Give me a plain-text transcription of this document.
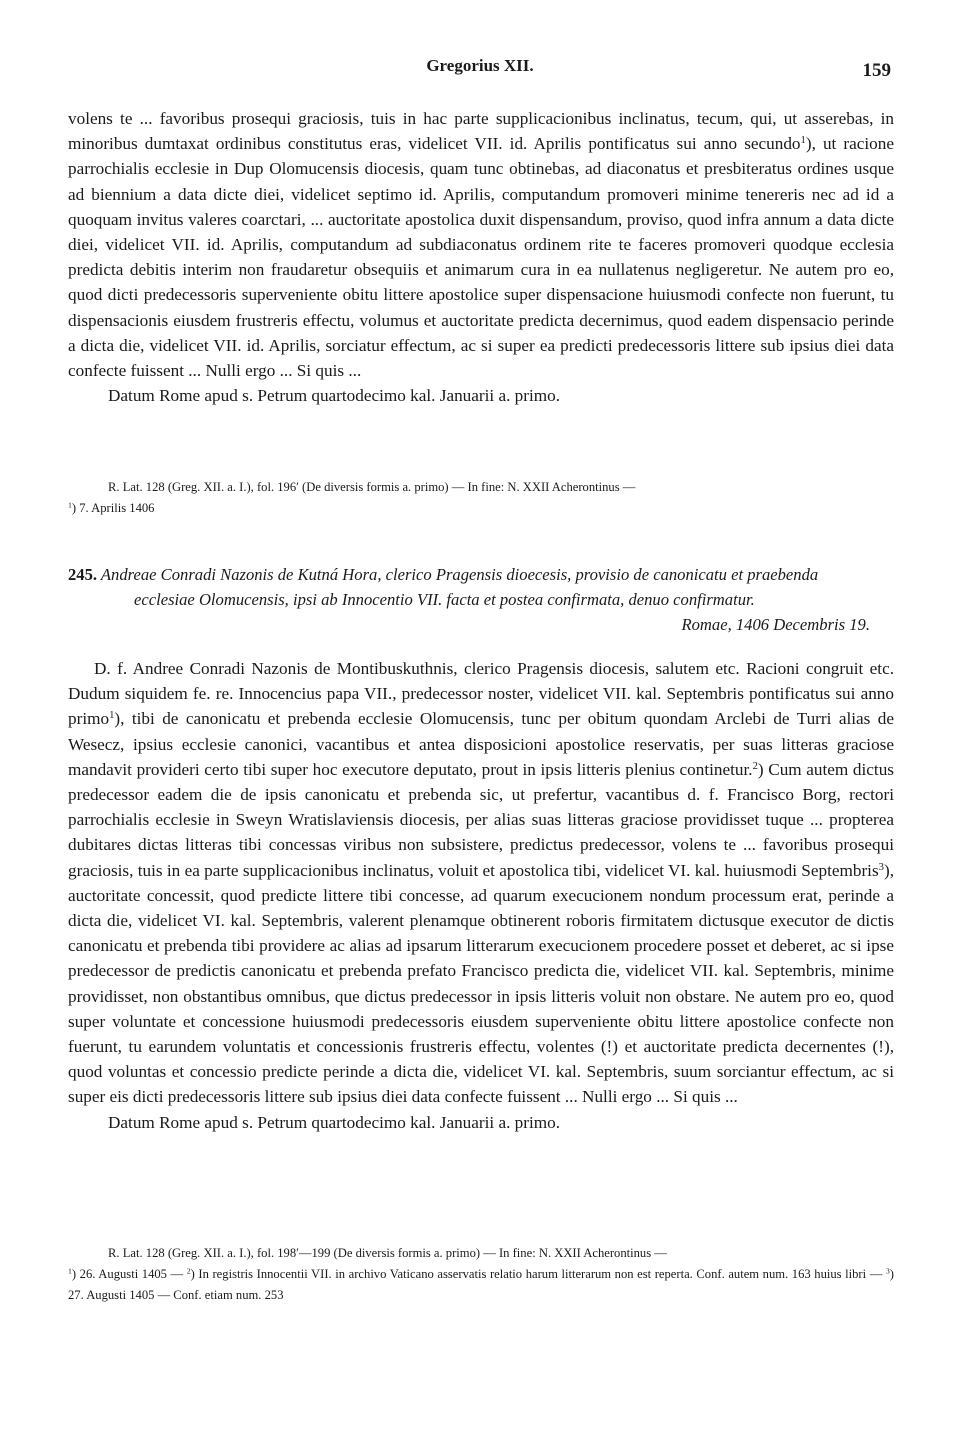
Gregorius XII.	159

volens te ... favoribus prosequi graciosis, tuis in hac parte supplicacionibus inclinatus, tecum, qui, ut asserebas, in minoribus dumtaxat ordinibus constitutus eras, videlicet VII. id. Aprilis pontificatus sui anno secundo$^1$), ut racione parrochialis ecclesie in Dup Olomucensis diocesis, quam tunc obtinebas, ad diaconatus et presbiteratus ordines usque ad biennium a data dicte diei, videlicet septimo id. Aprilis, computandum promoveri minime tenereris nec ad id a quoquam invitus valeres coarctari, ... auctoritate apostolica duxit dispensandum, proviso, quod infra annum a data dicte diei, videlicet VII. id. Aprilis, computandum ad subdiaconatus ordinem rite te faceres promoveri quodque ecclesia predicta debitis interim non fraudaretur obsequiis et animarum cura in ea nullatenus negligeretur. Ne autem pro eo, quod dicti predecessoris superveniente obitu littere apostolice super dispensacione huiusmodi confecte non fuerunt, tu dispensacionis eiusdem frustreris effectu, volumus et auctoritate predicta decernimus, quod eadem dispensacio perinde a dicta die, videlicet VII. id. Aprilis, sorciatur effectum, ac si super ea predicti predecessoris littere sub ipsius diei data confecte fuissent ... Nulli ergo ... Si quis ...

Datum Rome apud s. Petrum quartodecimo kal. Januarii a. primo.

R. Lat. 128 (Greg. XII. a. I.), fol. 196′ (De diversis formis a. primo) — In fine: N. XXII Acherontinus —

$^1$) 7. Aprilis 1406

245. Andreae Conradi Nazonis de Kutná Hora, clerico Pragensis dioecesis, provisio de canonicatu et praebenda

ecclesiae Olomucensis, ipsi ab Innocentio VII. facta et postea confirmata, denuo confirmatur.

Romae, 1406 Decembris 19.

D. f. Andree Conradi Nazonis de Montibuskuthnis, clerico Pragensis diocesis, salutem etc. Racioni congruit etc. Dudum siquidem fe. re. Innocencius papa VII., predecessor noster, videlicet VII. kal. Septembris pontificatus sui anno primo$^1$), tibi de canonicatu et prebenda ecclesie Olomucensis, tunc per obitum quondam Arclebi de Turri alias de Wesecz, ipsius ecclesie canonici, vacantibus et antea disposicioni apostolice reservatis, per suas litteras graciose mandavit provideri certo tibi super hoc executore deputato, prout in ipsis litteris plenius continetur.$^2$) Cum autem dictus predecessor eadem die de ipsis canonicatu et prebenda sic, ut prefertur, vacantibus d. f. Francisco Borg, rectori parrochialis ecclesie in Sweyn Wratislaviensis diocesis, per alias suas litteras graciose providisset tuque ... propterea dubitares dictas litteras tibi concessas viribus non subsistere, predictus predecessor, volens te ... favoribus prosequi graciosis, tuis in ea parte supplicacionibus inclinatus, voluit et apostolica tibi, videlicet VI. kal. huiusmodi Septembris$^3$), auctoritate concessit, quod predicte littere tibi concesse, ad quarum execucionem nondum processum erat, perinde a dicta die, videlicet VI. kal. Septembris, valerent plenamque obtinerent roboris firmitatem dictusque executor de dictis canonicatu et prebenda tibi providere ac alias ad ipsarum litterarum execucionem procedere posset et deberet, ac si ipse predecessor de predictis canonicatu et prebenda prefato Francisco predicta die, videlicet VII. kal. Septembris, minime providisset, non obstantibus omnibus, que dictus predecessor in ipsis litteris voluit non obstare. Ne autem pro eo, quod super voluntate et concessione huiusmodi predecessoris eiusdem superveniente obitu littere apostolice confecte non fuerunt, tu earundem voluntatis et concessionis frustreris effectu, volentes (!) et auctoritate predicta decernentes (!), quod voluntas et concessio predicte perinde a dicta die, videlicet VI. kal. Septembris, suum sorciantur effectum, ac si super eis dicti predecessoris littere sub ipsius diei data confecte fuissent ... Nulli ergo ... Si quis ...

Datum Rome apud s. Petrum quartodecimo kal. Januarii a. primo.

R. Lat. 128 (Greg. XII. a. I.), fol. 198′—199 (De diversis formis a. primo) — In fine: N. XXII Acherontinus —

$^1$) 26. Augusti 1405 — $^2$) In registris Innocentii VII. in archivo Vaticano asservatis relatio harum litterarum non est reperta. Conf. autem num. 163 huius libri — $^3$) 27. Augusti 1405 — Conf. etiam num. 253
